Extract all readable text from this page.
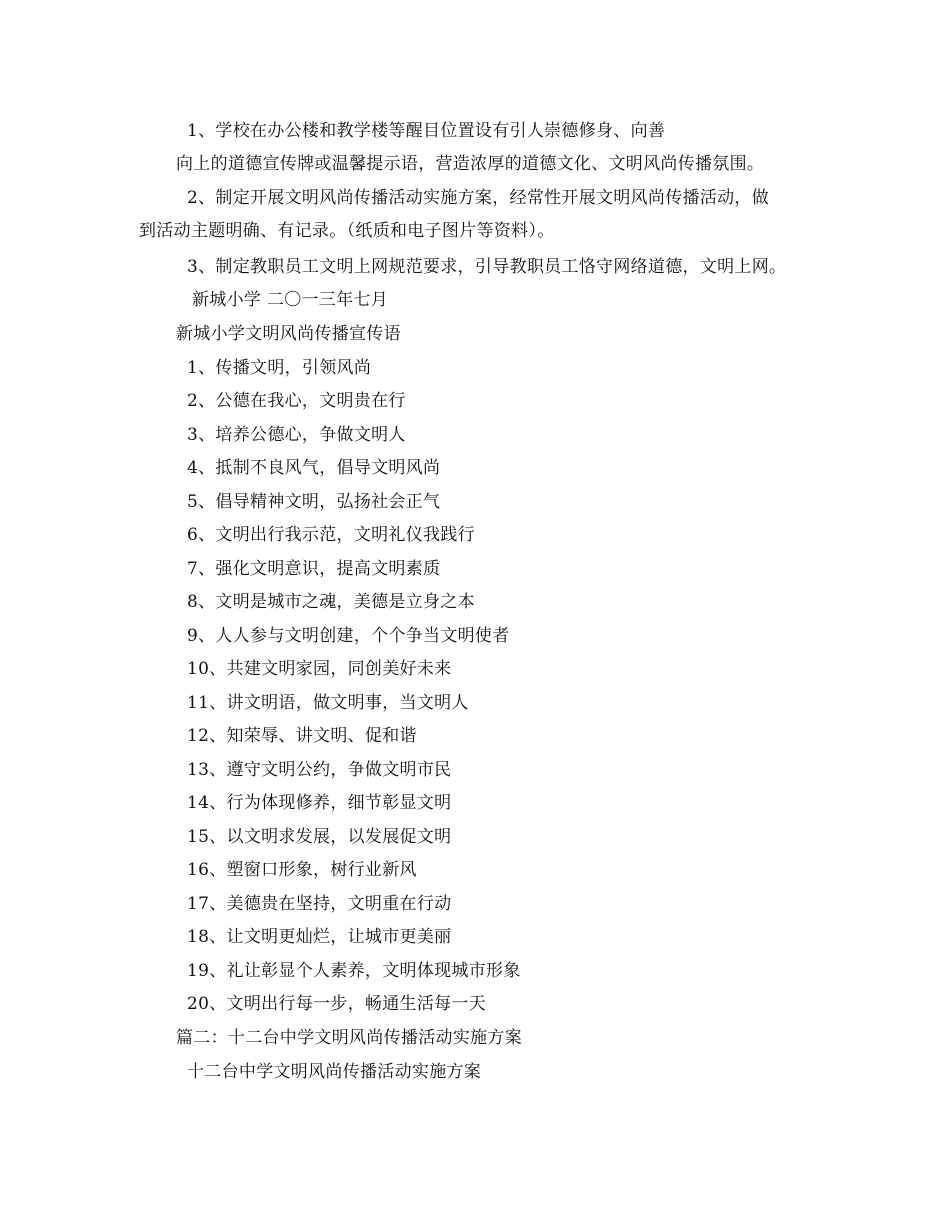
1、学校在办公楼和教学楼等醒目位置设有引人崇德修身、向善
向上的道德宣传牌或温馨提示语，营造浓厚的道德文化、文明风尚传播氛围。
2、制定开展文明风尚传播活动实施方案，经常性开展文明风尚传播活动，做
到活动主题明确、有记录。（纸质和电子图片等资料）。
3、制定教职员工文明上网规范要求，引导教职员工恪守网络道德，文明上网。
新城小学 二〇一三年七月
新城小学文明风尚传播宣传语
1、传播文明，引领风尚
2、公德在我心，文明贵在行
3、培养公德心，争做文明人
4、抵制不良风气，倡导文明风尚
5、倡导精神文明，弘扬社会正气
6、文明出行我示范，文明礼仪我践行
7、强化文明意识，提高文明素质
8、文明是城市之魂，美德是立身之本
9、人人参与文明创建，个个争当文明使者
10、共建文明家园，同创美好未来
11、讲文明语，做文明事，当文明人
12、知荣辱、讲文明、促和谐
13、遵守文明公约，争做文明市民
14、行为体现修养，细节彰显文明
15、以文明求发展，以发展促文明
16、塑窗口形象，树行业新风
17、美德贵在坚持，文明重在行动
18、让文明更灿烂，让城市更美丽
19、礼让彰显个人素养，文明体现城市形象
20、文明出行每一步，畅通生活每一天
篇二：十二台中学文明风尚传播活动实施方案
十二台中学文明风尚传播活动实施方案
